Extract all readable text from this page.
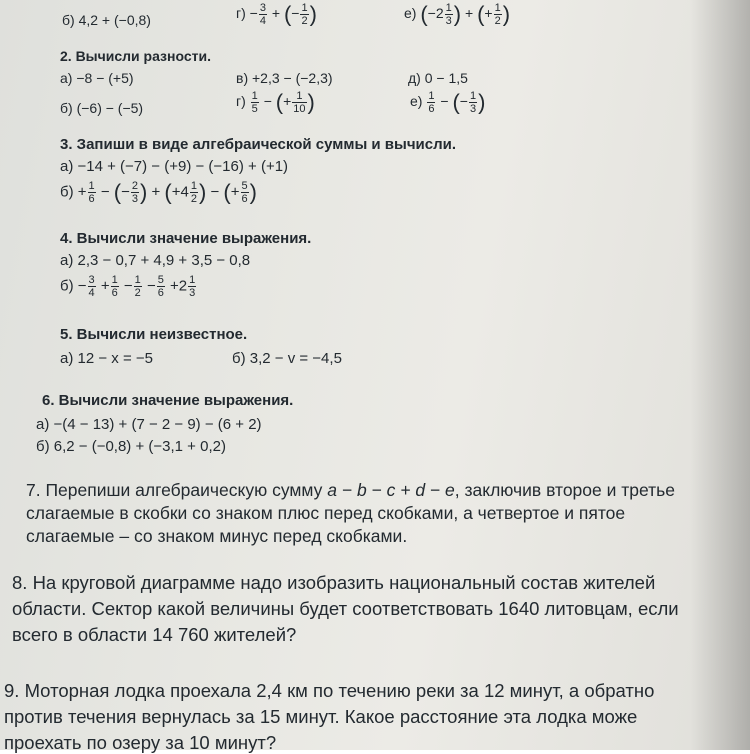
б) 4,2 + (−0,8)	$г) - \frac{3}{4}$ + (− $\frac{1}{2}$ )	е) ($-2 \frac{1}{3}$ ) + (+ $\frac{1}{2}$ )
2. Вычисли разности.
а) −8 − (+5)	в) +2,3 − (−2,3)	д) 0 − 1,5
б) (−6) − (−5)	$г) \frac{1}{5}$ − (+ $\frac{1}{10}$ )	$е) \frac{1}{6}$ − (− $\frac{1}{3}$ )
3. Запиши в виде алгебраической суммы и вычисли.
а) −14 + (−7) − (+9) − (−16) + (+1)
$б) + \frac{1}{6}$ − (− $\frac{2}{3}$ ) + ($+4 \frac{1}{2}$ ) − (+ $\frac{5}{6}$ )
4. Вычисли значение выражения.
а) 2,3 − 0,7 + 4,9 + 3,5 − 0,8
$б) - \frac{3}{4} + \frac{1}{6} - \frac{1}{2} - \frac{5}{6} +2 \frac{1}{3}$
5. Вычисли неизвестное.
а) 12 − x = −5	б) 3,2 − v = −4,5
6. Вычисли значение выражения.
а) −(4 − 13) + (7 − 2 − 9) − (6 + 2)
б) 6,2 − (−0,8) + (−3,1 + 0,2)
7. Перепиши алгебраическую сумму a − b − c + d − e, заключив второе и третье
слагаемые в скобки со знаком плюс перед скобками, а четвертое и пятое
слагаемые – со знаком минус перед скобками.
8. На круговой диаграмме надо изобразить национальный состав жителей
области. Сектор какой величины будет соответствовать 1640 литовцам, если
всего в области 14 760 жителей?
9. Моторная лодка проехала 2,4 км по течению реки за 12 минут, а обратно
против течения вернулась за 15 минут. Какое расстояние эта лодка може
проехать по озеру за 10 минут?
